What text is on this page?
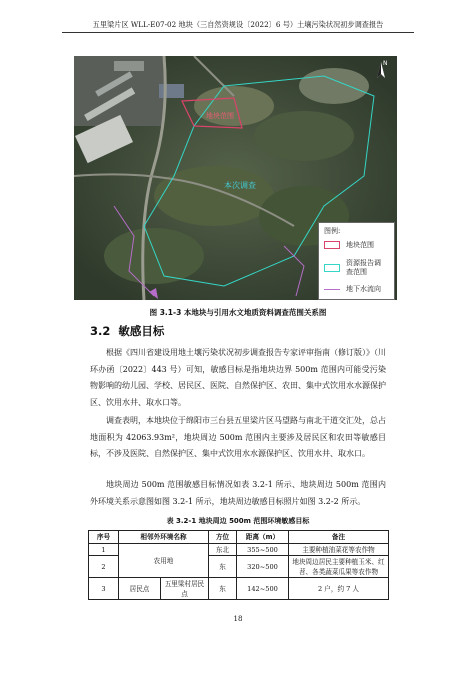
五里梁片区 WLL-E07-02 地块（三自然资规设〔2022〕6 号）土壤污染状况初步调查报告
地块范围
本次调查
N
图例:
地块范围
资源报告调查范围
地下水流向
图 3.1-3 本地块与引用水文地质资料调查范围关系图
3.2 敏感目标

根据《四川省建设用地土壤污染状况初步调查报告专家评审指南（修订版）》（川环办函〔2022〕443 号）可知，敏感目标是指地块边界 500m 范围内可能受污染物影响的幼儿园、学校、居民区、医院、自然保护区、农田、集中式饮用水水源保护区、饮用水井、取水口等。

调查表明，本地块位于绵阳市三台县五里梁片区马望路与南北干道交汇处，总占地面积为 42063.93m²，地块周边 500m 范围内主要涉及居民区和农田等敏感目标，不涉及医院、自然保护区、集中式饮用水水源保护区、饮用水井、取水口。

地块周边 500m 范围敏感目标情况如表 3.2-1 所示、地块周边 500m 范围内外环境关系示意图如图 3.2-1 所示，地块周边敏感目标照片如图 3.2-2 所示。

表 3.2-1 地块周边 500m 范围环境敏感目标
序号	相邻外环境名称		方位	距离（m）	备注
1	农用地		东北	355~500	主要种植油菜花等农作物
2			东	320~500	地块周边居民主要种植玉米、红苕、各类蔬菜瓜果等农作物
3	居民点	五里梁村居民点	东	142~500	2 户，约 7 人
18
